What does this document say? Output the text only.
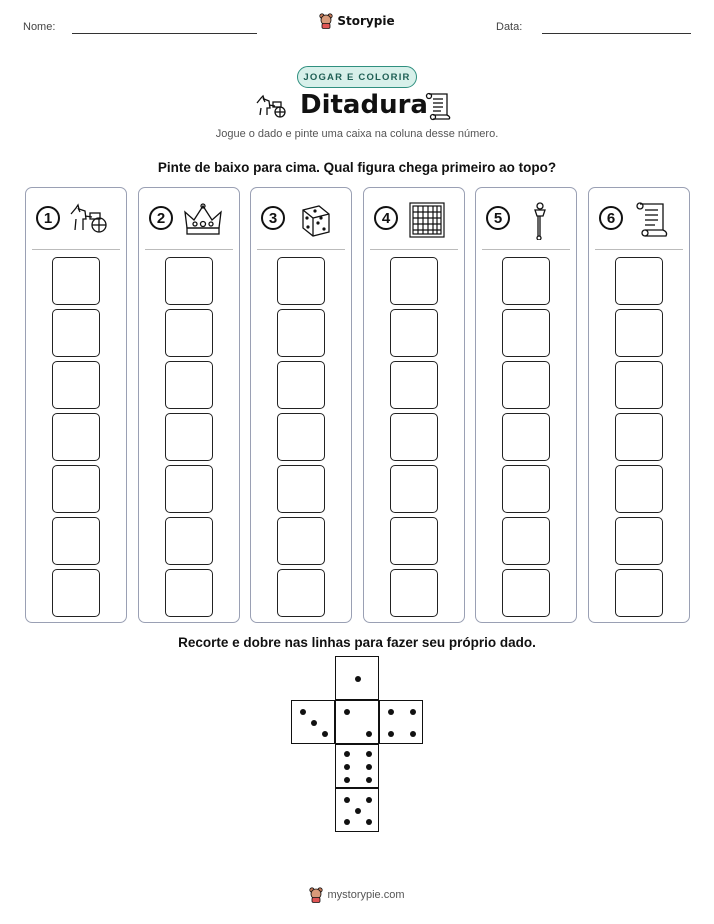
Nome:	Storypie	Data:
JOGAR E COLORIR
Ditadura
Jogue o dado e pinte uma caixa na coluna desse número.
Pinte de baixo para cima. Qual figura chega primeiro ao topo?
1	2	3	4	5	6
Recorte e dobre nas linhas para fazer seu próprio dado.
mystorypie.com
